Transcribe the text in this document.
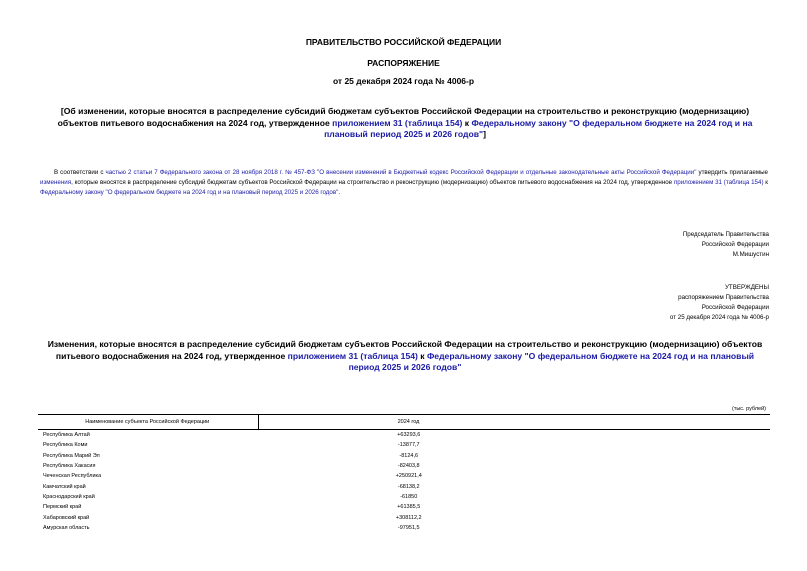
ПРАВИТЕЛЬСТВО РОССИЙСКОЙ ФЕДЕРАЦИИ
РАСПОРЯЖЕНИЕ
от 25 декабря 2024 года № 4006-р
[Об изменении, которые вносятся в распределение субсидий бюджетам субъектов Российской Федерации на строительство и реконструкцию (модернизацию) объектов питьевого водоснабжения на 2024 год, утвержденное приложением 31 (таблица 154) к Федеральному закону "О федеральном бюджете на 2024 год и на плановый период 2025 и 2026 годов"]
В соответствии с частью 2 статьи 7 Федерального закона от 28 ноября 2018 г. № 457-ФЗ "О внесении изменений в Бюджетный кодекс Российской Федерации и отдельные законодательные акты Российской Федерации" утвердить прилагаемые изменения, которые вносятся в распределение субсидий бюджетам субъектов Российской Федерации на строительство и реконструкцию (модернизацию) объектов питьевого водоснабжения на 2024 год, утвержденное приложением 31 (таблица 154) к Федеральному закону "О федеральном бюджете на 2024 год и на плановый период 2025 и 2026 годов".
Председатель Правительства
Российской Федерации
М.Мишустин
УТВЕРЖДЕНЫ
распоряжением Правительства
Российской Федерации
от 25 декабря 2024 года № 4006-р
Изменения, которые вносятся в распределение субсидий бюджетам субъектов Российской Федерации на строительство и реконструкцию (модернизацию) объектов питьевого водоснабжения на 2024 год, утвержденное приложением 31 (таблица 154) к Федеральному закону "О федеральном бюджете на 2024 год и на плановый период 2025 и 2026 годов"
(тыс. рублей)
Наименование субъекта Российской Федерации	2024 год	
Республика Алтай	+63293,6	
Республика Коми	-13877,7	
Республика Марий Эл	-8124,6	
Республика Хакасия	-82403,8	
Чеченская Республика	+250921,4	
Камчатский край	-68138,2	
Краснодарский край	-61850	
Пермский край	+61385,5	
Хабаровский край	+308112,2	
Амурская область	-97951,5	
